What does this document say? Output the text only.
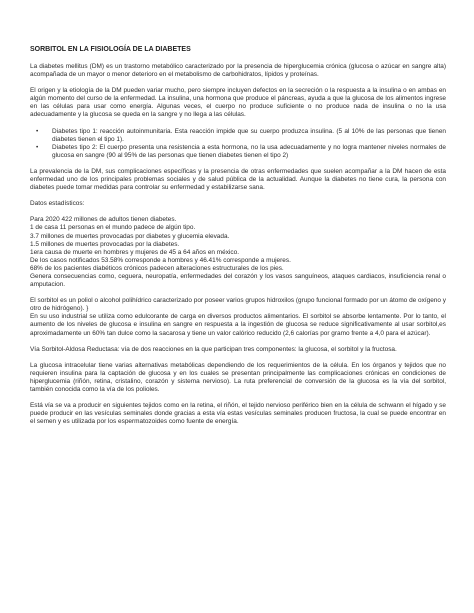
SORBITOL EN LA FISIOLOGÍA DE LA DIABETES

La diabetes mellitus (DM) es un trastorno metabólico caracterizado por la presencia de hiperglucemia crónica (glucosa o azúcar en sangre alta) acompañada de un mayor o menor deterioro en el metabolismo de carbohidratos, lípidos y proteínas.

El origen y la etiología de la DM pueden variar mucho, pero siempre incluyen defectos en la secreción o la respuesta a la insulina o en ambas en algún momento del curso de la enfermedad. La insulina, una hormona que produce el páncreas, ayuda a que la glucosa de los alimentos ingrese en las células para usar como energía. Algunas veces, el cuerpo no produce suficiente o no produce nada de insulina o no la usa adecuadamente y la glucosa se queda en la sangre y no llega a las células.

• Diabetes tipo 1: reacción autoinmunitaria. Esta reacción impide que su cuerpo produzca insulina. (5 al 10% de las personas que tienen diabetes tienen el tipo 1).
• Diabetes tipo 2: El cuerpo presenta una resistencia a esta hormona, no la usa adecuadamente y no logra mantener niveles normales de glucosa en sangre (90 al 95% de las personas que tienen diabetes tienen el tipo 2)

La prevalencia de la DM, sus complicaciones específicas y la presencia de otras enfermedades que suelen acompañar a la DM hacen de esta enfermedad uno de los principales problemas sociales y de salud pública de la actualidad. Aunque la diabetes no tiene cura, la persona con diabetes puede tomar medidas para controlar su enfermedad y estabilizarse sana.

Datos estadísticos:
Para 2020 422 millones de adultos tienen diabetes.
1 de casa 11 personas en el mundo padece de algún tipo.
3.7 millones de muertes provocadas por diabetes y glucemia elevada.
1.5 millones de muertes provocadas por la diabetes.
1era causa de muerte en hombres y mujeres de 45 a 64 años en méxico.
De los casos notificados 53.58% corresponde a hombres y 46.41% corresponde a mujeres.
68% de los pacientes diabéticos crónicos padecen alteraciones estructurales de los pies.
Genera consecuencias como, ceguera, neuropatía, enfermedades del corazón y los vasos sanguíneos, ataques cardiacos, insuficiencia renal o amputacion.
El sorbitol es un poliol o alcohol polihídrico caracterizado por poseer varios grupos hidroxilos (grupo funcional formado por un átomo de oxígeno y otro de hidrógeno). }

En su uso industrial se utiliza como edulcorante de carga en diversos productos alimentarios. El sorbitol se absorbe lentamente. Por lo tanto, el aumento de los niveles de glucosa e insulina en sangre en respuesta a la ingestión de glucosa se reduce significativamente al usar sorbitol,es aproximadamente un 60% tan dulce como la sacarosa y tiene un valor calórico reducido (2,6 calorías por gramo frente a 4,0 para el azúcar).

Vía Sorbitol-Aldosa Reductasa: vía de dos reacciones en la que participan tres componentes: la glucosa, el sorbitol y la fructosa.

La glucosa intracelular tiene varias alternativas metabólicas dependiendo de los requerimientos de la célula. En los órganos y tejidos que no requieren insulina para la captación de glucosa y en los cuales se presentan principalmente las complicaciones crónicas en condiciones de hiperglucemia (riñón, retina, cristalino, corazón y sistema nervioso). La ruta preferencial de conversión de la glucosa es la vía del sorbitol, también conocida como la vía de los polioles.

Está vía se va a producir en siguientes tejidos como en la retina, el riñón, el tejido nervioso periférico bien en la célula de schwann el hígado y se puede producir en las vesículas seminales donde gracias a esta vía estas vesículas seminales producen fructosa, la cual se puede encontrar en el semen y es utilizada por los espermatozoides como fuente de energía.
